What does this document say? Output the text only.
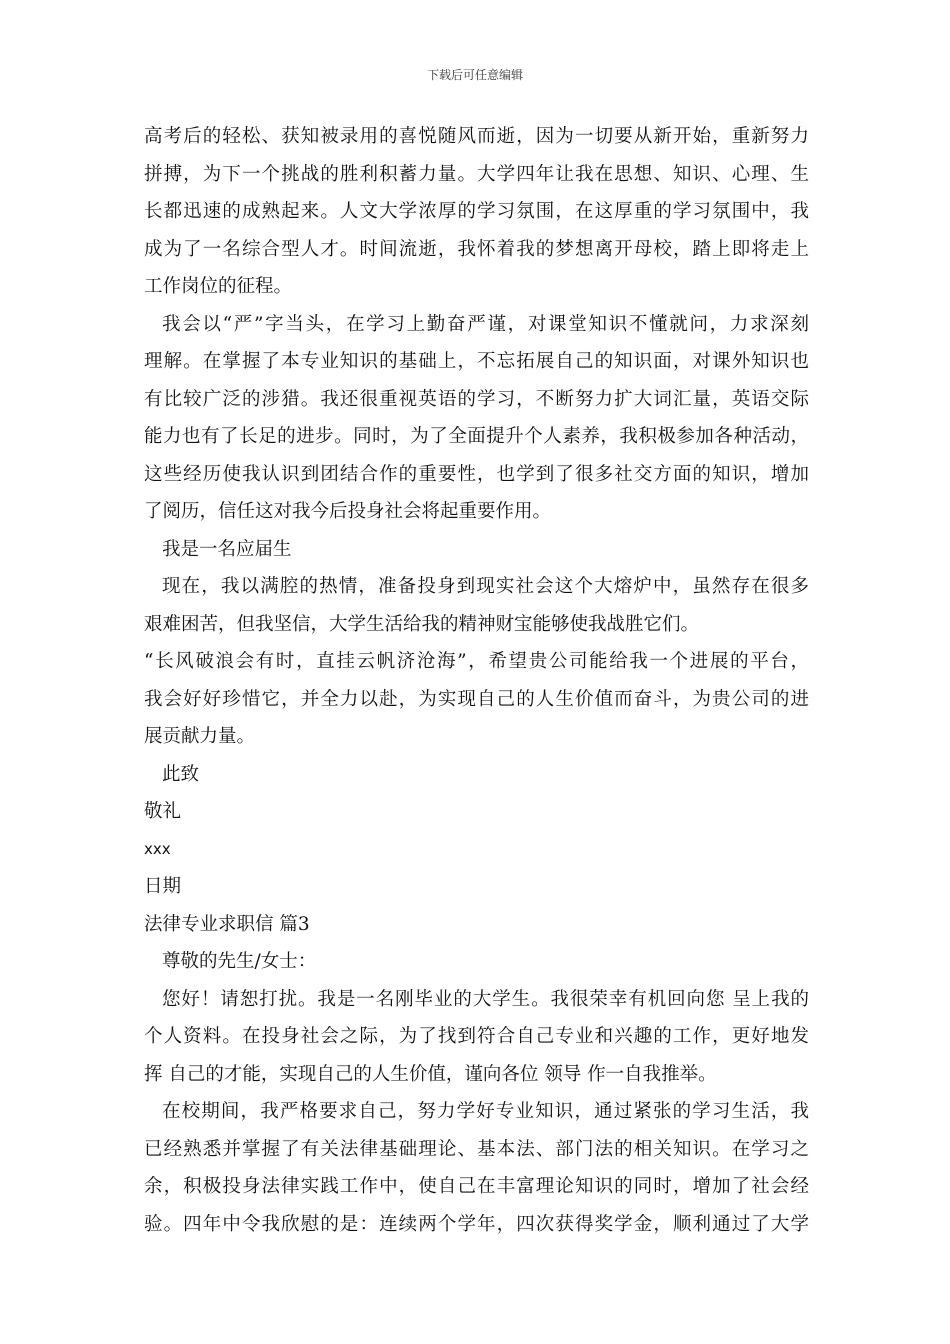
下载后可任意编辑
高考后的轻松、获知被录用的喜悦随风而逝，因为一切要从新开始，重新努力
拼搏，为下一个挑战的胜利积蓄力量。大学四年让我在思想、知识、心理、生
长都迅速的成熟起来。人文大学浓厚的学习氛围，在这厚重的学习氛围中，我
成为了一名综合型人才。时间流逝，我怀着我的梦想离开母校，踏上即将走上
工作岗位的征程。
我会以“严”字当头，在学习上勤奋严谨，对课堂知识不懂就问，力求深刻
理解。在掌握了本专业知识的基础上，不忘拓展自己的知识面，对课外知识也
有比较广泛的涉猎。我还很重视英语的学习，不断努力扩大词汇量，英语交际
能力也有了长足的进步。同时，为了全面提升个人素养，我积极参加各种活动，
这些经历使我认识到团结合作的重要性，也学到了很多社交方面的知识，增加
了阅历，信任这对我今后投身社会将起重要作用。
我是一名应届生
现在，我以满腔的热情，准备投身到现实社会这个大熔炉中，虽然存在很多
艰难困苦，但我坚信，大学生活给我的精神财宝能够使我战胜它们。
“长风破浪会有时，直挂云帆济沧海”，希望贵公司能给我一个进展的平台，
我会好好珍惜它，并全力以赴，为实现自己的人生价值而奋斗，为贵公司的进
展贡献力量。
此致
敬礼
xxx
日期
法律专业求职信 篇3
尊敬的先生/女士：
您好！请恕打扰。我是一名刚毕业的大学生。我很荣幸有机回向您 呈上我的
个人资料。在投身社会之际，为了找到符合自己专业和兴趣的工作，更好地发
挥 自己的才能，实现自己的人生价值，谨向各位 领导 作一自我推举。
在校期间，我严格要求自己，努力学好专业知识，通过紧张的学习生活，我
已经熟悉并掌握了有关法律基础理论、基本法、部门法的相关知识。在学习之
余，积极投身法律实践工作中，使自己在丰富理论知识的同时，增加了社会经
验。四年中令我欣慰的是：连续两个学年，四次获得奖学金，顺利通过了大学
